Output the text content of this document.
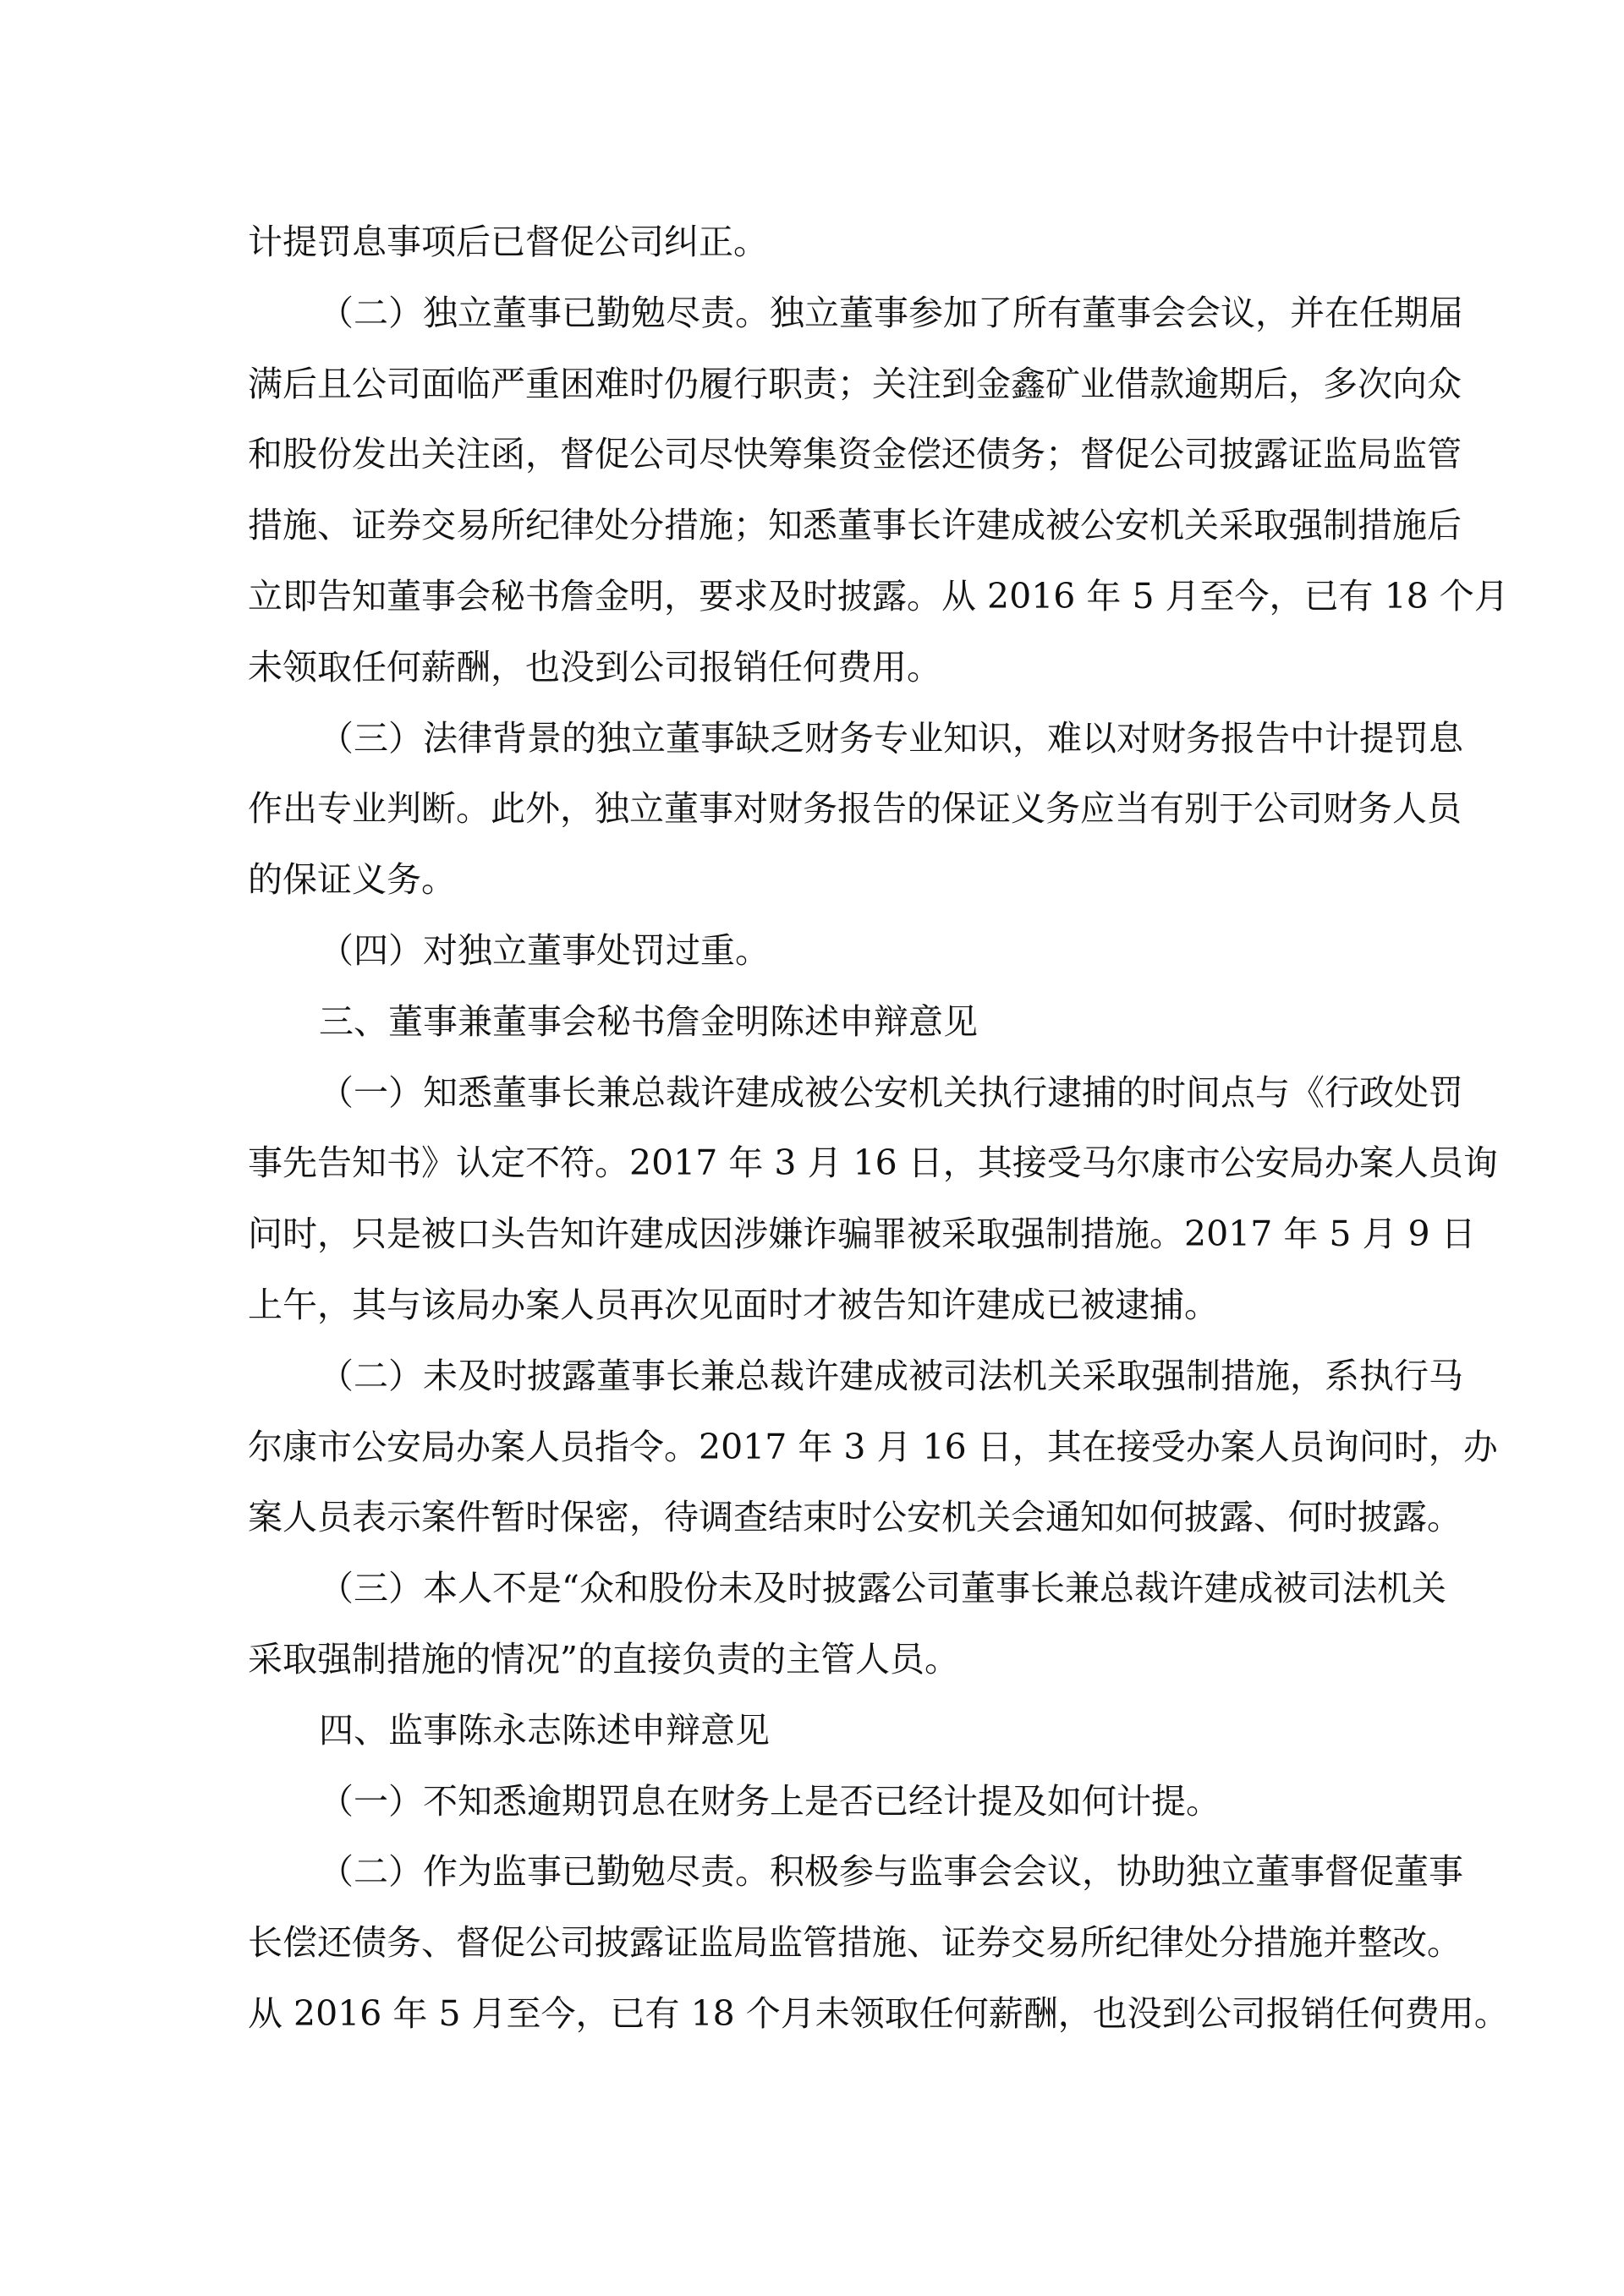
计提罚息事项后已督促公司纠正。
（二）独立董事已勤勉尽责。独立董事参加了所有董事会会议，并在任期届
满后且公司面临严重困难时仍履行职责；关注到金鑫矿业借款逾期后，多次向众
和股份发出关注函，督促公司尽快筹集资金偿还债务；督促公司披露证监局监管
措施、证券交易所纪律处分措施；知悉董事长许建成被公安机关采取强制措施后
立即告知董事会秘书詹金明，要求及时披露。从 2016 年 5 月至今，已有 18 个月
未领取任何薪酬，也没到公司报销任何费用。
（三）法律背景的独立董事缺乏财务专业知识，难以对财务报告中计提罚息
作出专业判断。此外，独立董事对财务报告的保证义务应当有别于公司财务人员
的保证义务。
（四）对独立董事处罚过重。
三、董事兼董事会秘书詹金明陈述申辩意见
（一）知悉董事长兼总裁许建成被公安机关执行逮捕的时间点与《行政处罚
事先告知书》认定不符。2017 年 3 月 16 日，其接受马尔康市公安局办案人员询
问时，只是被口头告知许建成因涉嫌诈骗罪被采取强制措施。2017 年 5 月 9 日
上午，其与该局办案人员再次见面时才被告知许建成已被逮捕。
（二）未及时披露董事长兼总裁许建成被司法机关采取强制措施，系执行马
尔康市公安局办案人员指令。2017 年 3 月 16 日，其在接受办案人员询问时，办
案人员表示案件暂时保密，待调查结束时公安机关会通知如何披露、何时披露。
（三）本人不是“众和股份未及时披露公司董事长兼总裁许建成被司法机关
采取强制措施的情况”的直接负责的主管人员。
四、监事陈永志陈述申辩意见
（一）不知悉逾期罚息在财务上是否已经计提及如何计提。
（二）作为监事已勤勉尽责。积极参与监事会会议，协助独立董事督促董事
长偿还债务、督促公司披露证监局监管措施、证券交易所纪律处分措施并整改。
从 2016 年 5 月至今，已有 18 个月未领取任何薪酬，也没到公司报销任何费用。
